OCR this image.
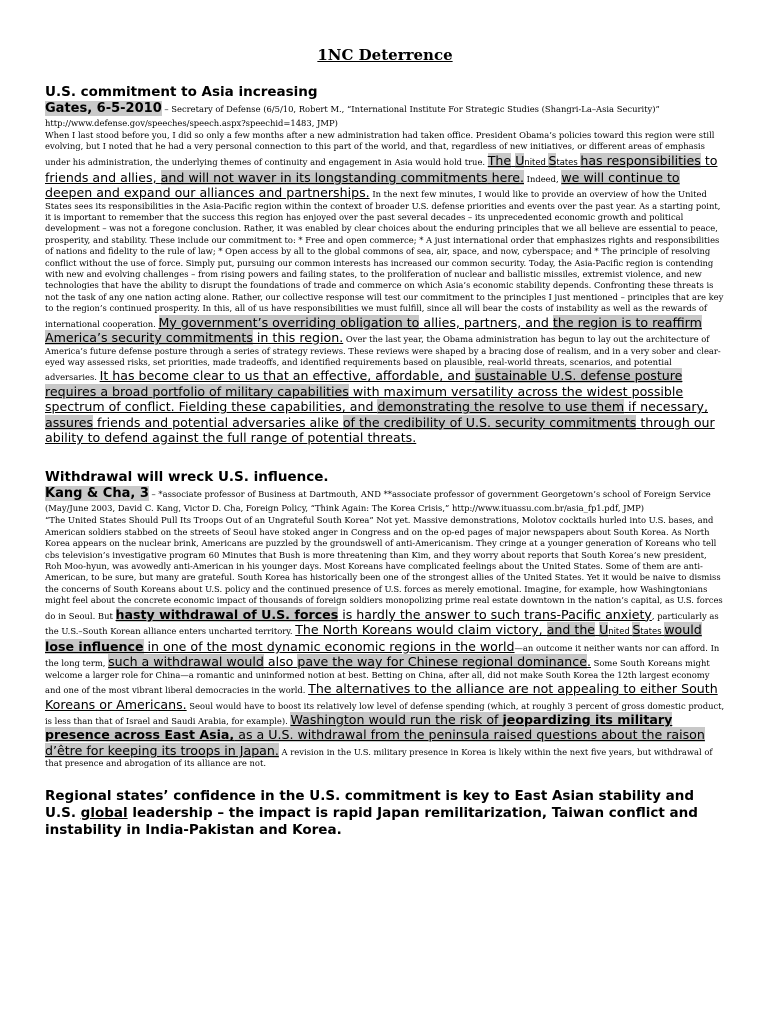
1NC Deterrence
U.S. commitment to Asia increasing
Gates, 6-5-2010 – Secretary of Defense (6/5/10, Robert M., “International Institute For Strategic Studies (Shangri-La–Asia Security)” http://www.defense.gov/speeches/speech.aspx?speechid=1483, JMP)

When I last stood before you, I did so only a few months after a new administration had taken office. President Obama’s policies toward this region were still evolving, but I noted that he had a very personal connection to this part of the world, and that, regardless of new initiatives, or different areas of emphasis under his administration, the underlying themes of continuity and engagement in Asia would hold true. The United States has responsibilities to friends and allies, and will not waver in its longstanding commitments here. Indeed, we will continue to deepen and expand our alliances and partnerships. In the next few minutes, I would like to provide an overview of how the United States sees its responsibilities in the Asia-Pacific region within the context of broader U.S. defense priorities and events over the past year. As a starting point, it is important to remember that the success this region has enjoyed over the past several decades – its unprecedented economic growth and political development – was not a foregone conclusion. Rather, it was enabled by clear choices about the enduring principles that we all believe are essential to peace, prosperity, and stability. These include our commitment to: * Free and open commerce; * A just international order that emphasizes rights and responsibilities of nations and fidelity to the rule of law; * Open access by all to the global commons of sea, air, space, and now, cyberspace; and * The principle of resolving conflict without the use of force. Simply put, pursuing our common interests has increased our common security. Today, the Asia-Pacific region is contending with new and evolving challenges – from rising powers and failing states, to the proliferation of nuclear and ballistic missiles, extremist violence, and new technologies that have the ability to disrupt the foundations of trade and commerce on which Asia’s economic stability depends. Confronting these threats is not the task of any one nation acting alone. Rather, our collective response will test our commitment to the principles I just mentioned – principles that are key to the region’s continued prosperity. In this, all of us have responsibilities we must fulfill, since all will bear the costs of instability as well as the rewards of international cooperation. My government’s overriding obligation to allies, partners, and the region is to reaffirm America’s security commitments in this region. Over the last year, the Obama administration has begun to lay out the architecture of America’s future defense posture through a series of strategy reviews. These reviews were shaped by a bracing dose of realism, and in a very sober and clear-eyed way assessed risks, set priorities, made tradeoffs, and identified requirements based on plausible, real-world threats, scenarios, and potential adversaries. It has become clear to us that an effective, affordable, and sustainable U.S. defense posture requires a broad portfolio of military capabilities with maximum versatility across the widest possible spectrum of conflict. Fielding these capabilities, and demonstrating the resolve to use them if necessary, assures friends and potential adversaries alike of the credibility of U.S. security commitments through our ability to defend against the full range of potential threats.

Withdrawal will wreck U.S. influence.
Kang & Cha, 3 – *associate professor of Business at Dartmouth, AND **associate professor of government Georgetown’s school of Foreign Service (May/June 2003, David C. Kang, Victor D. Cha, Foreign Policy, “Think Again: The Korea Crisis,” http://www.ituassu.com.br/asia_fp1.pdf, JMP)

“The United States Should Pull Its Troops Out of an Ungrateful South Korea” Not yet. Massive demonstrations, Molotov cocktails hurled into U.S. bases, and American soldiers stabbed on the streets of Seoul have stoked anger in Congress and on the op-ed pages of major newspapers about South Korea. As North Korea appears on the nuclear brink, Americans are puzzled by the groundswell of anti-Americanism. They cringe at a younger generation of Koreans who tell cbs television’s investigative program 60 Minutes that Bush is more threatening than Kim, and they worry about reports that South Korea’s new president, Roh Moo-hyun, was avowedly anti-American in his younger days. Most Koreans have complicated feelings about the United States. Some of them are anti-American, to be sure, but many are grateful. South Korea has historically been one of the strongest allies of the United States. Yet it would be naive to dismiss the concerns of South Koreans about U.S. policy and the continued presence of U.S. forces as merely emotional. Imagine, for example, how Washingtonians might feel about the concrete economic impact of thousands of foreign soldiers monopolizing prime real estate downtown in the nation’s capital, as U.S. forces do in Seoul. But hasty withdrawal of U.S. forces is hardly the answer to such trans-Pacific anxiety, particularly as the U.S.–South Korean alliance enters uncharted territory. The North Koreans would claim victory, and the United States would lose influence in one of the most dynamic economic regions in the world—an outcome it neither wants nor can afford. In the long term, such a withdrawal would also pave the way for Chinese regional dominance. Some South Koreans might welcome a larger role for China—a romantic and uninformed notion at best. Betting on China, after all, did not make South Korea the 12th largest economy and one of the most vibrant liberal democracies in the world. The alternatives to the alliance are not appealing to either South Koreans or Americans. Seoul would have to boost its relatively low level of defense spending (which, at roughly 3 percent of gross domestic product, is less than that of Israel and Saudi Arabia, for example). Washington would run the risk of jeopardizing its military presence across East Asia, as a U.S. withdrawal from the peninsula raised questions about the raison d’être for keeping its troops in Japan. A revision in the U.S. military presence in Korea is likely within the next five years, but withdrawal of that presence and abrogation of its alliance are not.

Regional states’ confidence in the U.S. commitment is key to East Asian stability and U.S. global leadership – the impact is rapid Japan remilitarization, Taiwan conflict and instability in India-Pakistan and Korea.
